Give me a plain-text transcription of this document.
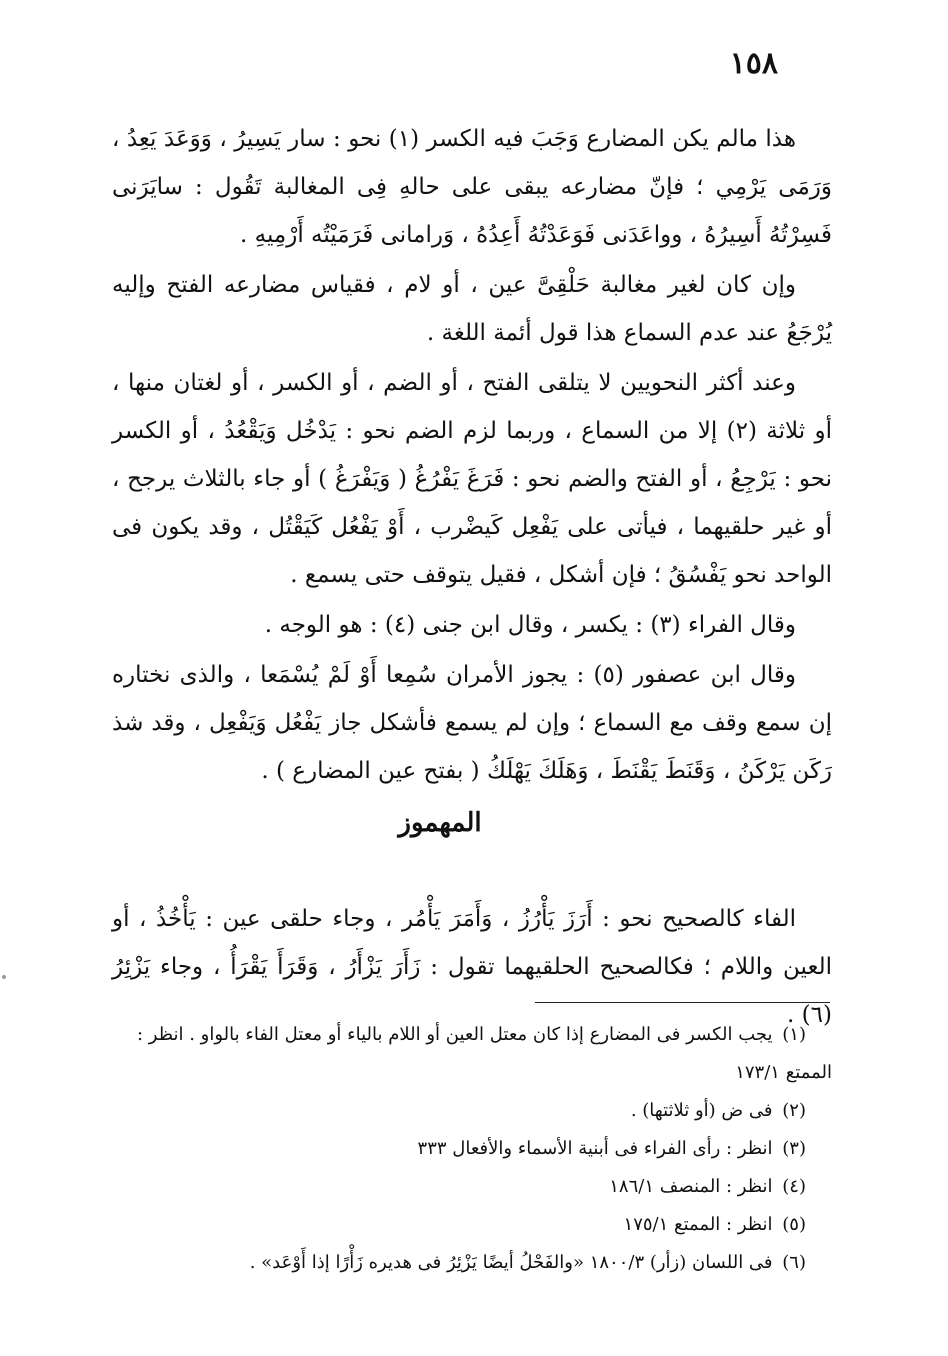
١٥٨

هذا مالم يكن المضارع وَجَبَ فيه الكسر (١) نحو : سار يَسِيرُ ، وَوَعَدَ يَعِدُ ، وَرَمَى يَرْمِي ؛ فإنّ مضارعه يبقى على حالهِ فِى المغالبة تَقُول : سايَرَنى فَسِرْتُهُ أَسِيرُهُ ، وواعَدَنى فَوَعَدْتُهُ أَعِدُهُ ، وَرامانى فَرَمَيْتُه أَرْمِيهِ .

وإن كان لغير مغالبة حَلْقِىَّ عين ، أو لام ، فقياس مضارعه الفتح وإليه يُرْجَعُ عند عدم السماع هذا قول أئمة اللغة .

وعند أكثر النحويين لا يتلقى الفتح ، أو الضم ، أو الكسر ، أو لغتان منها ، أو ثلاثة (٢) إلا من السماع ، وربما لزم الضم نحو : يَدْخُل وَيَقْعُدُ ، أو الكسر نحو : يَرْجِعُ ، أو الفتح والضم نحو : فَرَغَ يَفْرُغُ ( وَيَفْرَغُ ) أو جاء بالثلاث يرجح ، أو غير حلقيهما ، فيأتى على يَفْعِل كَيضْرب ، أَوْ يَفْعُل كَيَقْتُل ، وقد يكون فى الواحد نحو يَفْسُقُ ؛ فإن أشكل ، فقيل يتوقف حتى يسمع .

وقال الفراء (٣) : يكسر ، وقال ابن جنى (٤) : هو الوجه .

وقال ابن عصفور (٥) : يجوز الأمران سُمِعا أَوْ لَمْ يُسْمَعا ، والذى نختاره إن سمع وقف مع السماع ؛ وإن لم يسمع فأشكل جاز يَفْعُل وَيَفْعِل ، وقد شذ رَكَن يَرْكَنُ ، وَقَنَطَ يَقْنَطَ ، وَهَلَكَ يَهْلَكُ ( بفتح عين المضارع ) .

المهموز

الفاء كالصحيح نحو : أَرَزَ يَأْرُزُ ، وَأَمَرَ يَأْمُر ، وجاء حلقى عين : يَأْخُذُ ، أو العين واللام ؛ فكالصحيح الحلقيهما تقول : زَأَرَ يَزْأَرُ ، وَقَرَأَ يَقْرَأُ ، وجاء يَزْئِرُ (٦) .

(١) يجب الكسر فى المضارع إذا كان معتل العين أو اللام بالياء أو معتل الفاء بالواو . انظر : الممتع ١٧٣/١

(٢) فى ض (أو ثلاثتها) .

(٣) انظر : رأى الفراء فى أبنية الأسماء والأفعال ٣٣٣

(٤) انظر : المنصف ١٨٦/١

(٥) انظر : الممتع ١٧٥/١

(٦) فى اللسان (زأر) ١٨٠٠/٣ «والفَحْلُ أيضًا يَزْئِرُ فى هديره زَأْرًا إذا أَوْعَد» .
